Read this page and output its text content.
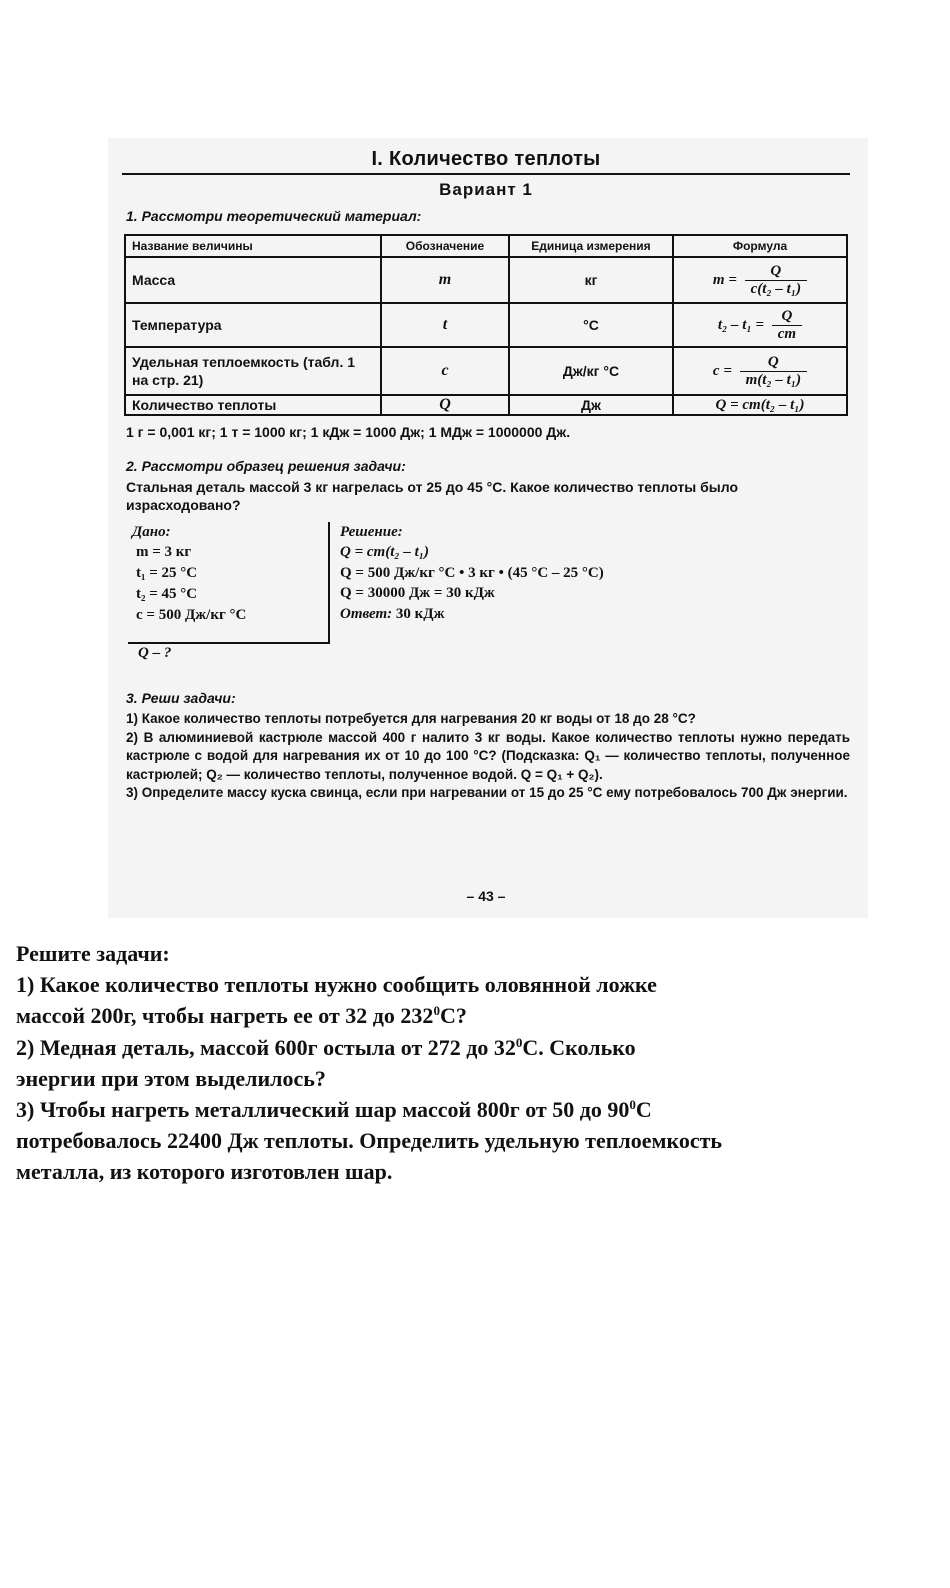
I. Количество теплоты
Вариант 1
1. Рассмотри теоретический материал:
Название величины	Обозначение	Единица измерения	Формула
Масса	m	кг	$m = \frac{Q}{\text{c(t₂ – t₁)}}$

Температура	t	°C	$t_2 - t_1 = \frac{Q}{cm}$

Удельная теплоемкость (табл. 1 на стр. 21)	c	Дж/кг °C	$c = \frac{Q}{\text{m(t₂ – t₁)}}$

Количество теплоты	Q	Дж	Q = cm(t₂ – t₁)
1 г = 0,001 кг; 1 т = 1000 кг; 1 кДж = 1000 Дж; 1 МДж = 1000000 Дж.
2. Рассмотри образец решения задачи:
Стальная деталь массой 3 кг нагрелась от 25 до 45 °C. Какое количество теплоты было израсходовано?
Дано:
m = 3 кг
t₁ = 25 °C
t₂ = 45 °C
c = 500 Дж/кг °C
Q – ?
Решение:
Q = cm(t₂ – t₁)
Q = 500 Дж/кг °C • 3 кг • (45 °C – 25 °C)
Q = 30000 Дж = 30 кДж
Ответ: 30 кДж
3. Реши задачи:

1) Какое количество теплоты потребуется для нагревания 20 кг воды от 18 до 28 °C?

2) В алюминиевой кастрюле массой 400 г налито 3 кг воды. Какое количество теплоты нужно передать кастрюле с водой для нагревания их от 10 до 100 °C? (Подсказка: Q₁ — количество теплоты, полученное кастрюлей; Q₂ — количество теплоты, полученное водой. Q = Q₁ + Q₂).

3) Определите массу куска свинца, если при нагревании от 15 до 25 °C ему потребовалось 700 Дж энергии.

– 43 –

Решите задачи:

1) Какое количество теплоты нужно сообщить оловянной ложке

массой 200г, чтобы нагреть ее от 32 до $232^0С$?

2) Медная деталь, массой 600г остыла от 272 до $32^0С$. Сколько

энергии при этом выделилось?

3) Чтобы нагреть металлический шар массой 800г от 50 до $90^0С$

потребовалось 22400 Дж теплоты. Определить удельную теплоемкость

металла, из которого изготовлен шар.
